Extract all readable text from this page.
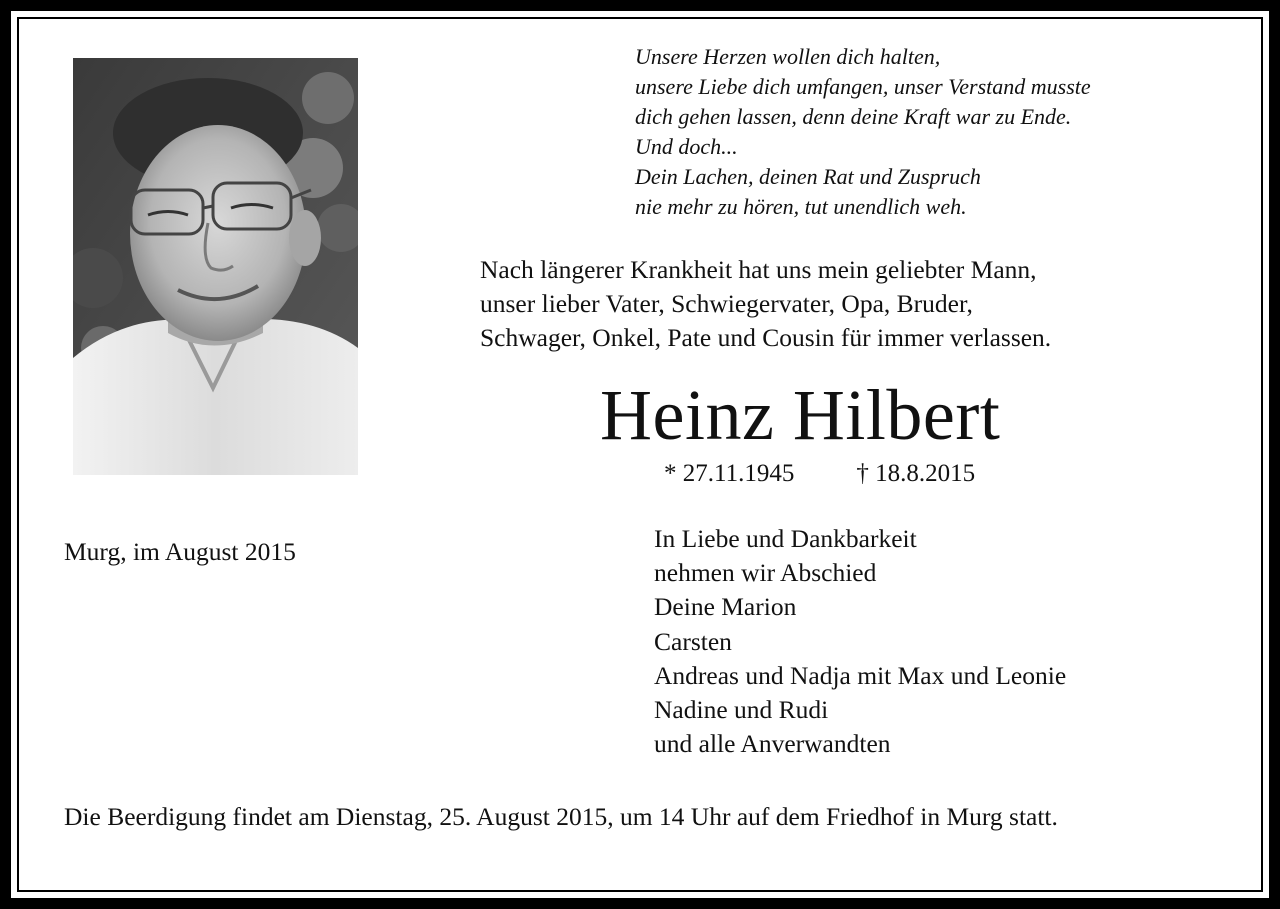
Unsere Herzen wollen dich halten,
unsere Liebe dich umfangen, unser Verstand musste
dich gehen lassen, denn deine Kraft war zu Ende.
Und doch...
Dein Lachen, deinen Rat und Zuspruch
nie mehr zu hören, tut unendlich weh.
Nach längerer Krankheit hat uns mein geliebter Mann,
unser lieber Vater, Schwiegervater, Opa, Bruder,
Schwager, Onkel, Pate und Cousin für immer verlassen.
Heinz Hilbert
* 27.11.1945 † 18.8.2015
Murg, im August 2015	In Liebe und Dankbarkeit
nehmen wir Abschied
Deine Marion
Carsten
Andreas und Nadja mit Max und Leonie
Nadine und Rudi
und alle Anverwandten
Die Beerdigung findet am Dienstag, 25. August 2015, um 14 Uhr auf dem Friedhof in Murg statt.
